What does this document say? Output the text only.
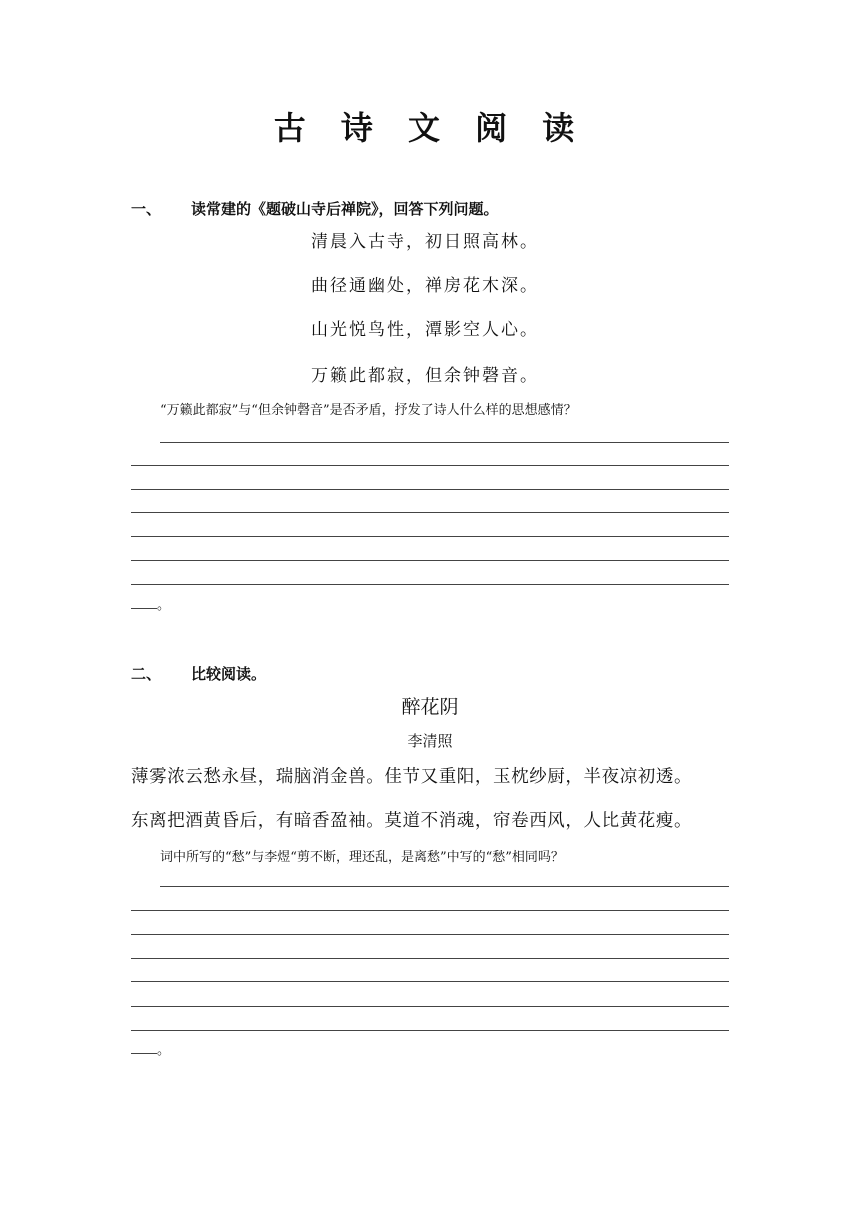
古 诗 文 阅 读
一、 读常建的《题破山寺后禅院》，回答下列问题。
清晨入古寺，初日照高林。
曲径通幽处，禅房花木深。
山光悦鸟性，潭影空人心。
万籁此都寂，但余钟磬音。
“万籁此都寂”与“但余钟磬音”是否矛盾，抒发了诗人什么样的思想感情？
。
二、 比较阅读。
醉花阴
李清照
薄雾浓云愁永昼，瑞脑消金兽。佳节又重阳，玉枕纱厨，半夜凉初透。
东离把酒黄昏后，有暗香盈袖。莫道不消魂，帘卷西风，人比黄花瘦。
词中所写的“愁”与李煜“剪不断，理还乱，是离愁”中写的“愁”相同吗？
。
